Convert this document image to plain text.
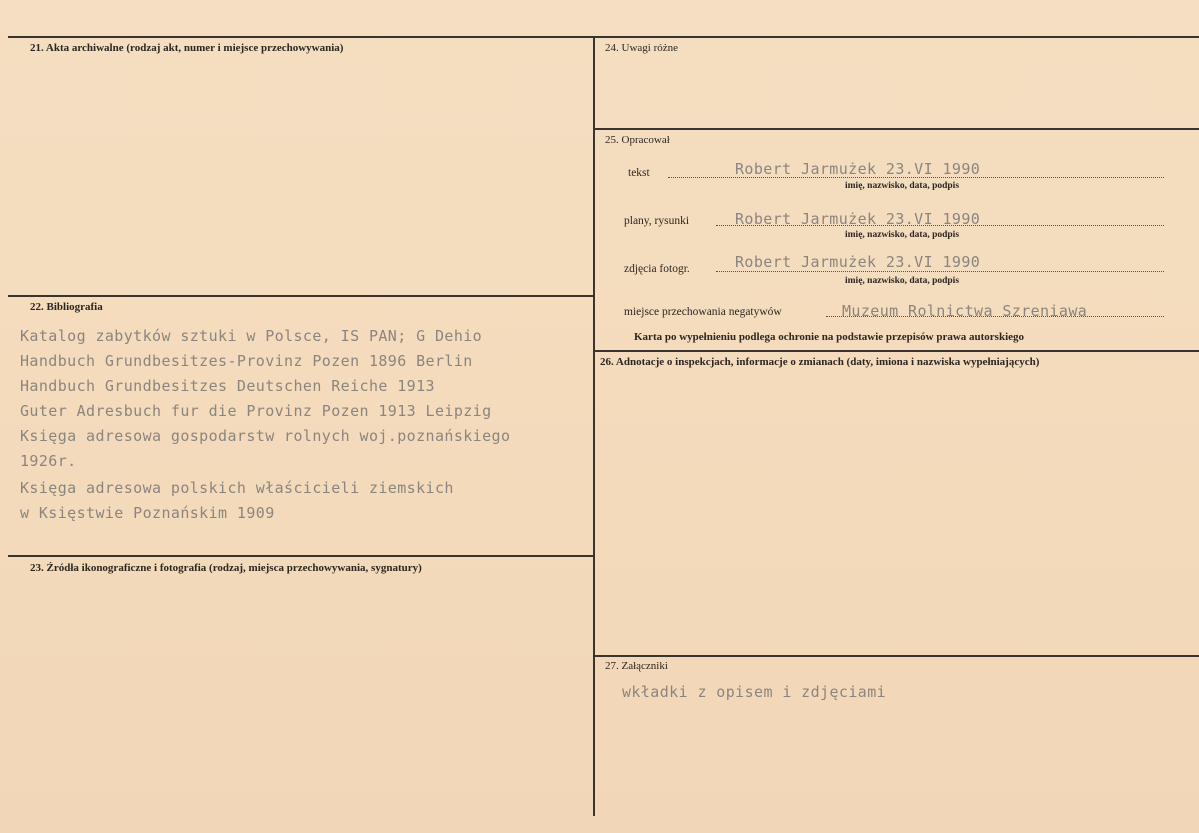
21. Akta archiwalne (rodzaj akt, numer i miejsce przechowywania)
22. Bibliografia
Katalog zabytków sztuki w Polsce, IS PAN; G Dehio
Handbuch Grundbesitzes-Provinz Pozen 1896 Berlin
Handbuch Grundbesitzes Deutschen Reiche 1913
Guter Adresbuch fur die Provinz Pozen 1913 Leipzig
Księga adresowa gospodarstw rolnych woj.poznańskiego
1926r.
Księga adresowa polskich właścicieli ziemskich
w Księstwie Poznańskim 1909
23. Źródła ikonograficzne i fotografia (rodzaj, miejsca przechowywania, sygnatury)
24. Uwagi różne
25. Opracował
tekst	Robert Jarmużek 23.VI 1990
imię, nazwisko, data, podpis
plany, rysunki	Robert Jarmużek 23.VI 1990
imię, nazwisko, data, podpis
zdjęcia fotogr.	Robert Jarmużek 23.VI 1990
imię, nazwisko, data, podpis
miejsce przechowania negatywów	Muzeum Rolnictwa Szreniawa
Karta po wypełnieniu podlega ochronie na podstawie przepisów prawa autorskiego
26. Adnotacje o inspekcjach, informacje o zmianach (daty, imiona i nazwiska wypełniających)
27. Załączniki
wkładki z opisem i zdjęciami
